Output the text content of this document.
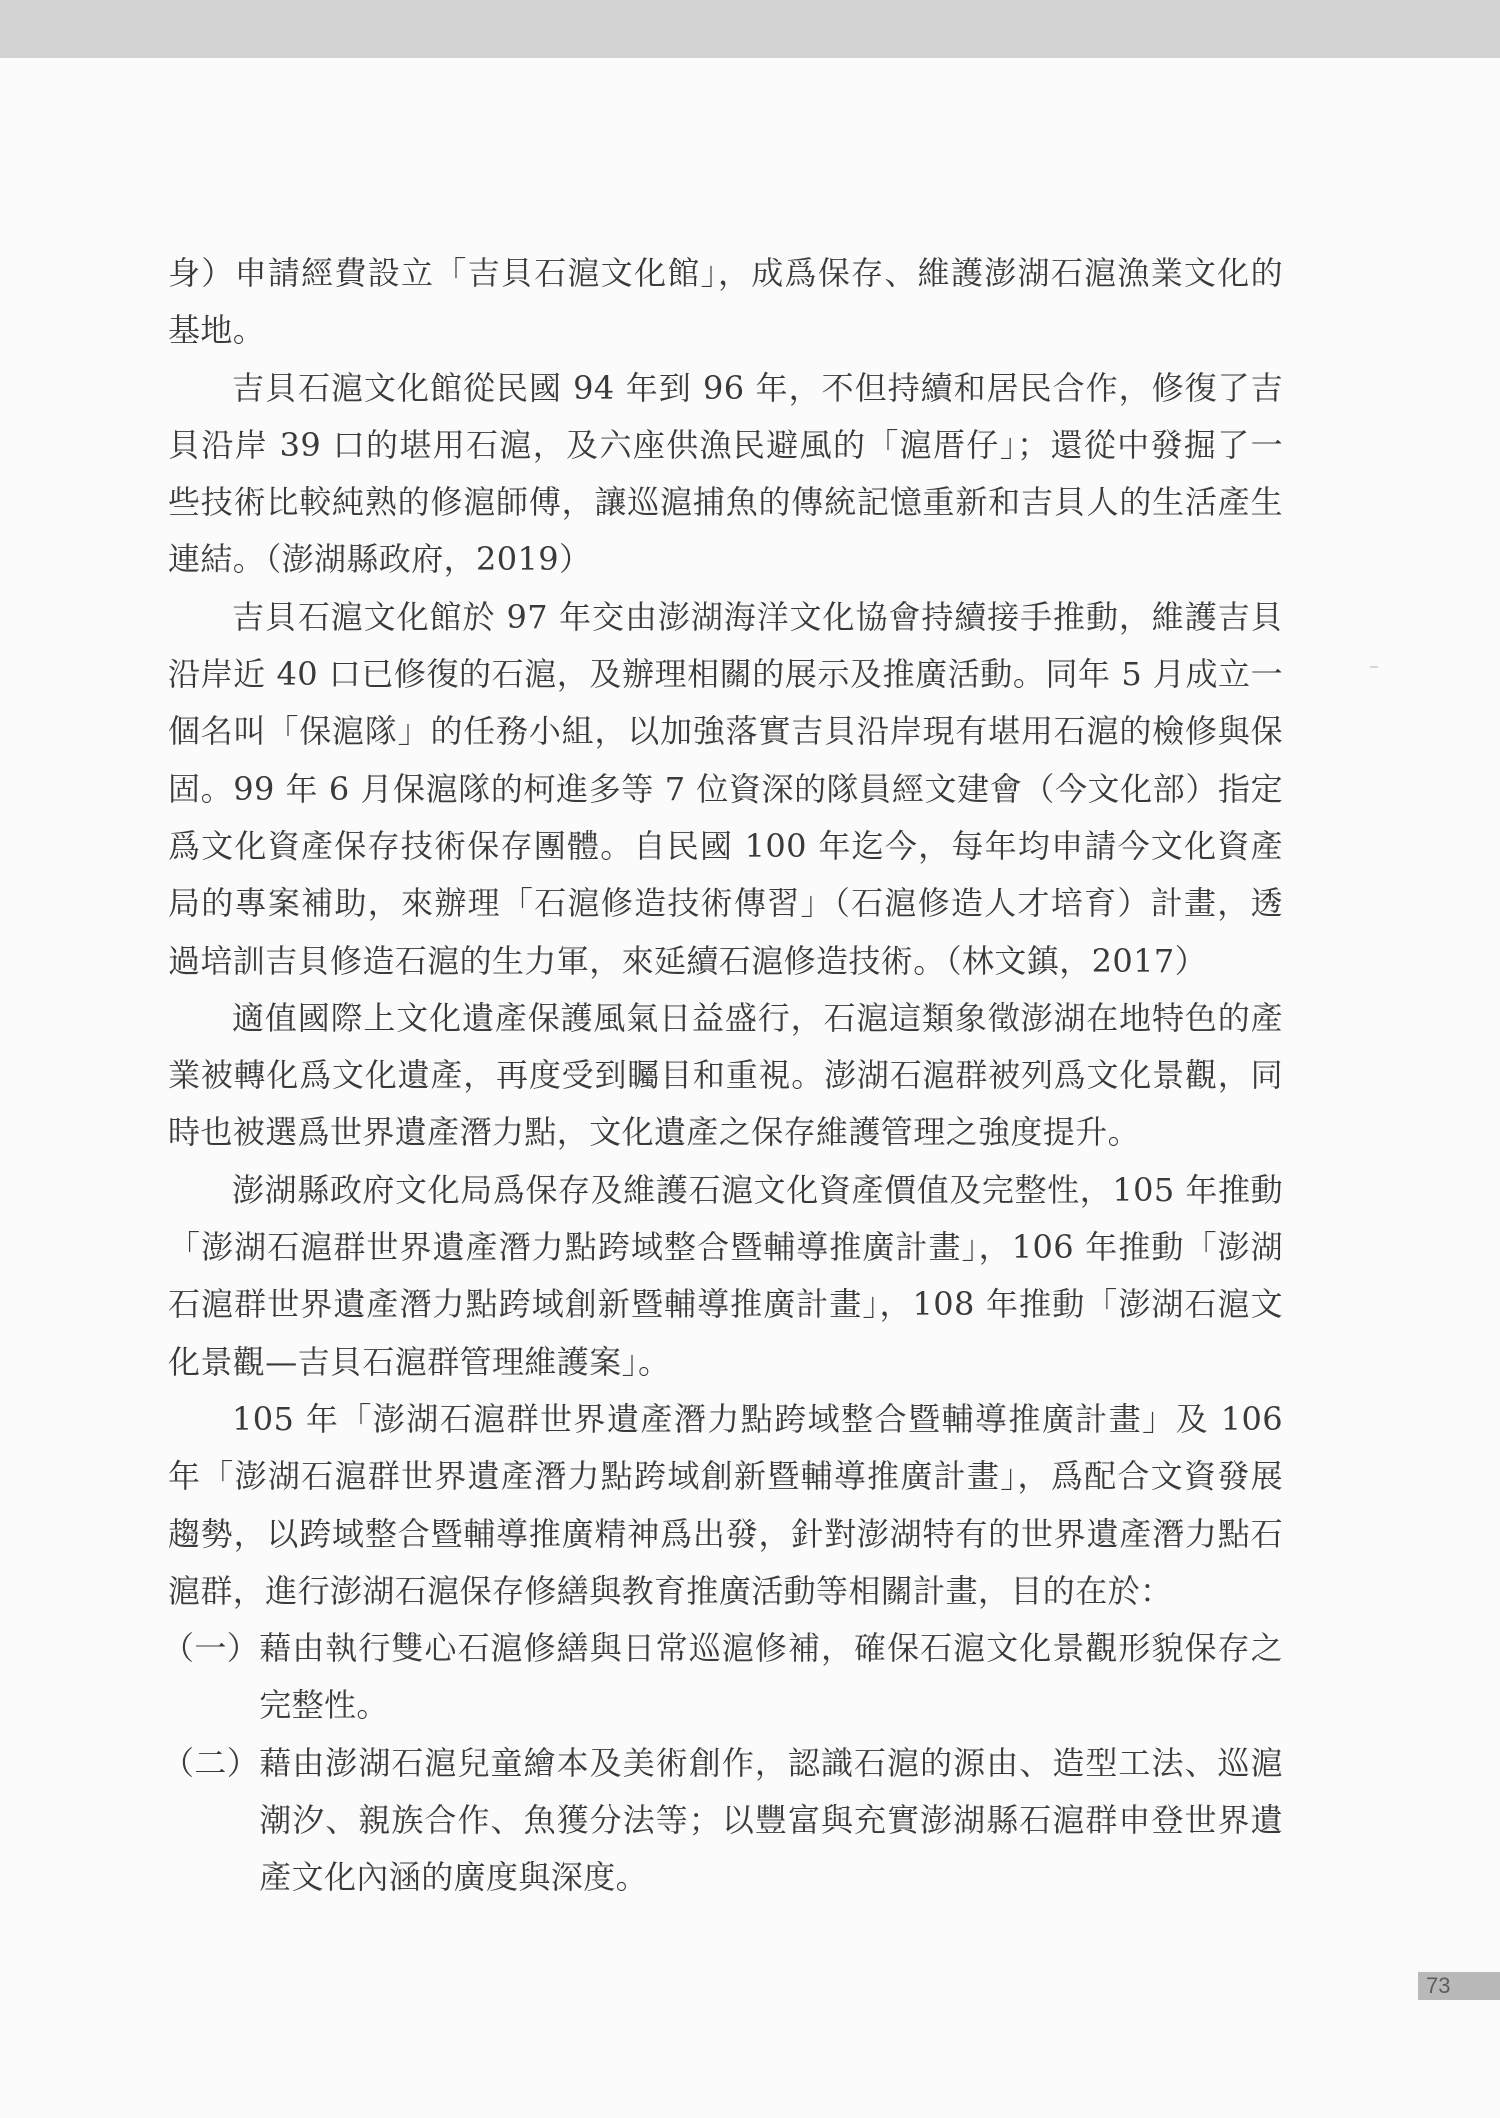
身）申請經費設立「吉貝石滬文化館」，成爲保存、維護澎湖石滬漁業文化的基地。

吉貝石滬文化館從民國 94 年到 96 年，不但持續和居民合作，修復了吉貝沿岸 39 口的堪用石滬，及六座供漁民避風的「滬厝仔」；還從中發掘了一些技術比較純熟的修滬師傅，讓巡滬捕魚的傳統記憶重新和吉貝人的生活產生連結。（澎湖縣政府，2019）

吉貝石滬文化館於 97 年交由澎湖海洋文化協會持續接手推動，維護吉貝沿岸近 40 口已修復的石滬，及辦理相關的展示及推廣活動。同年 5 月成立一個名叫「保滬隊」的任務小組，以加強落實吉貝沿岸現有堪用石滬的檢修與保固。99 年 6 月保滬隊的柯進多等 7 位資深的隊員經文建會（今文化部）指定爲文化資產保存技術保存團體。自民國 100 年迄今，每年均申請今文化資產局的專案補助，來辦理「石滬修造技術傳習」（石滬修造人才培育）計畫，透過培訓吉貝修造石滬的生力軍，來延續石滬修造技術。（林文鎮，2017）

適值國際上文化遺產保護風氣日益盛行，石滬這類象徵澎湖在地特色的產業被轉化爲文化遺產，再度受到矚目和重視。澎湖石滬群被列爲文化景觀，同時也被選爲世界遺產潛力點，文化遺產之保存維護管理之強度提升。

澎湖縣政府文化局爲保存及維護石滬文化資產價值及完整性，105 年推動「澎湖石滬群世界遺產潛力點跨域整合暨輔導推廣計畫」，106 年推動「澎湖石滬群世界遺產潛力點跨域創新暨輔導推廣計畫」，108 年推動「澎湖石滬文化景觀—吉貝石滬群管理維護案」。

105 年「澎湖石滬群世界遺產潛力點跨域整合暨輔導推廣計畫」及 106 年「澎湖石滬群世界遺產潛力點跨域創新暨輔導推廣計畫」，爲配合文資發展趨勢，以跨域整合暨輔導推廣精神爲出發，針對澎湖特有的世界遺產潛力點石滬群，進行澎湖石滬保存修繕與教育推廣活動等相關計畫，目的在於：

（一） 藉由執行雙心石滬修繕與日常巡滬修補，確保石滬文化景觀形貌保存之完整性。
（二） 藉由澎湖石滬兒童繪本及美術創作，認識石滬的源由、造型工法、巡滬潮汐、親族合作、魚獲分法等；以豐富與充實澎湖縣石滬群申登世界遺產文化內涵的廣度與深度。
73
